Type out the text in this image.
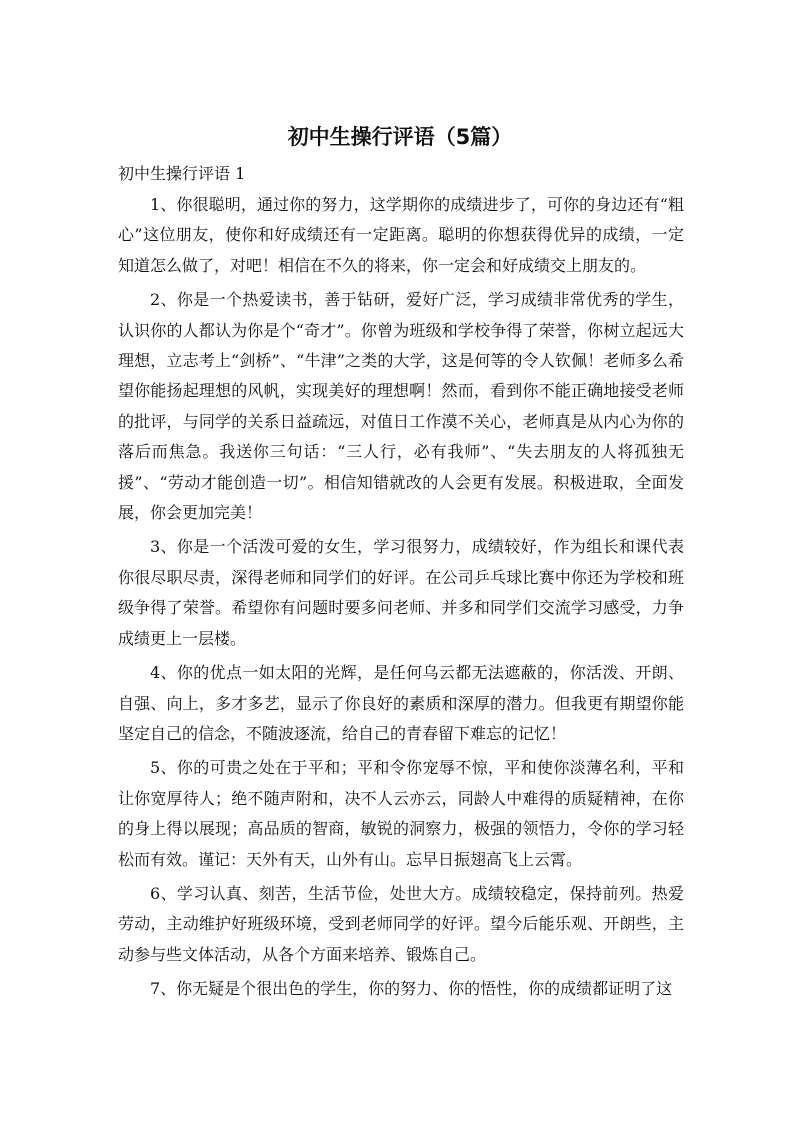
初中生操行评语（5篇）

初中生操行评语 1

1、你很聪明，通过你的努力，这学期你的成绩进步了，可你的身边还有“粗心”这位朋友，使你和好成绩还有一定距离。聪明的你想获得优异的成绩，一定知道怎么做了，对吧！相信在不久的将来，你一定会和好成绩交上朋友的。

2、你是一个热爱读书，善于钻研，爱好广泛，学习成绩非常优秀的学生，认识你的人都认为你是个“奇才”。你曾为班级和学校争得了荣誉，你树立起远大理想，立志考上“剑桥”、“牛津”之类的大学，这是何等的令人钦佩！老师多么希望你能扬起理想的风帆，实现美好的理想啊！然而，看到你不能正确地接受老师的批评，与同学的关系日益疏远，对值日工作漠不关心，老师真是从内心为你的落后而焦急。我送你三句话：“三人行，必有我师”、“失去朋友的人将孤独无援”、“劳动才能创造一切”。相信知错就改的人会更有发展。积极进取，全面发展，你会更加完美！

3、你是一个活泼可爱的女生，学习很努力，成绩较好，作为组长和课代表你很尽职尽责，深得老师和同学们的好评。在公司乒乓球比赛中你还为学校和班级争得了荣誉。希望你有问题时要多问老师、并多和同学们交流学习感受，力争成绩更上一层楼。

4、你的优点一如太阳的光辉，是任何乌云都无法遮蔽的，你活泼、开朗、自强、向上，多才多艺，显示了你良好的素质和深厚的潜力。但我更有期望你能坚定自己的信念，不随波逐流，给自己的青春留下难忘的记忆！

5、你的可贵之处在于平和；平和令你宠辱不惊，平和使你淡薄名利，平和让你宽厚待人；绝不随声附和，决不人云亦云，同龄人中难得的质疑精神，在你的身上得以展现；高品质的智商，敏锐的洞察力，极强的领悟力，令你的学习轻松而有效。谨记：天外有天，山外有山。忘早日振翅高飞上云霄。

6、学习认真、刻苦，生活节俭，处世大方。成绩较稳定，保持前列。热爱劳动，主动维护好班级环境，受到老师同学的好评。望今后能乐观、开朗些，主动参与些文体活动，从各个方面来培养、锻炼自己。

7、你无疑是个很出色的学生，你的努力、你的悟性，你的成绩都证明了这
